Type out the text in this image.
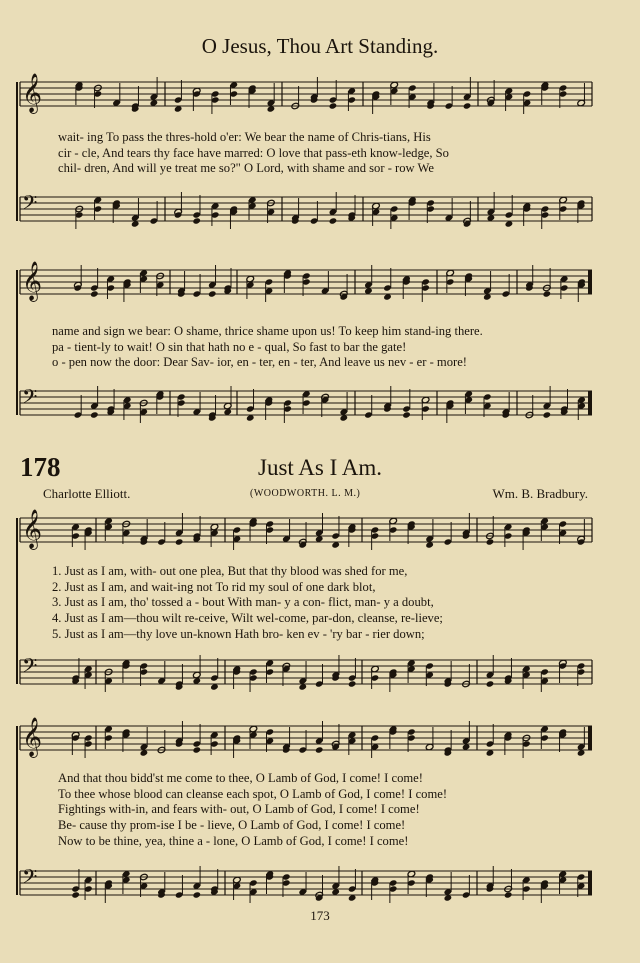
𝄞
𝄢
𝄞
𝄢
𝄞
𝄢
𝄞
𝄢
O Jesus, Thou Art Standing.
wait‑ ing To pass the thres‑hold o'er: We bear the name of Chris‑tians, His
cir ‑ cle, And tears thy face have marred: O love that pass‑eth know‑ledge, So
chil‑ dren, And will ye treat me so?" O Lord, with shame and sor ‑ row We
name and sign we bear: O shame, thrice shame upon us! To keep him stand‑ing there.
pa ‑ tient‑ly to wait! O sin that hath no e ‑ qual, So fast to bar the gate!
o ‑ pen now the door: Dear Sav‑ ior, en ‑ ter, en ‑ ter, And leave us nev ‑ er ‑ more!
178	Just As I Am.
Charlotte Elliott.	(WOODWORTH. L. M.)	Wm. B. Bradbury.
1. Just as I am, with‑ out one plea, But that thy blood was shed for me,
2. Just as I am, and wait‑ing not To rid my soul of one dark blot,
3. Just as I am, tho' tossed a ‑ bout With man‑ y a con‑ flict, man‑ y a doubt,
4. Just as I am—thou wilt re‑ceive, Wilt wel‑come, par‑don, cleanse, re‑lieve;
5. Just as I am—thy love un‑known Hath bro‑ ken ev ‑ 'ry bar ‑ rier down;
And that thou bidd'st me come to thee, O Lamb of God, I come! I come!
To thee whose blood can cleanse each spot, O Lamb of God, I come! I come!
Fightings with‑in, and fears with‑ out, O Lamb of God, I come! I come!
Be‑ cause thy prom‑ise I be ‑ lieve, O Lamb of God, I come! I come!
Now to be thine, yea, thine a ‑ lone, O Lamb of God, I come! I come!
173
